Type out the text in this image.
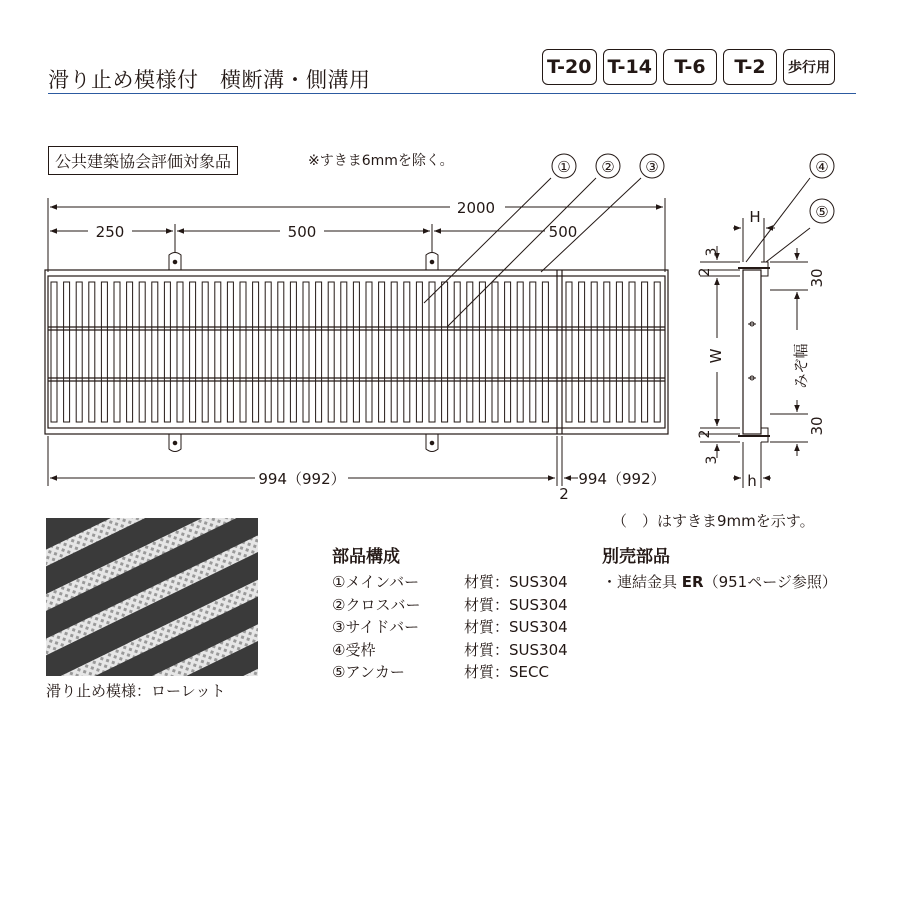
滑り止め模様付　横断溝・側溝用
T-20 T-14	T-6	T-2	歩行用
公共建築協会評価対象品	※すきま6mmを除く。
2000
250	500	500
① ② ③	④
⑤
994（992）	994（992）
2
H
h
W
3
2
2
3
30
30
みぞ幅
（　）はすきま9mmを示す。
滑り止め模様：ローレット
部品構成
①メインバー	材質：SUS304
②クロスバー	材質：SUS304
③サイドバー	材質：SUS304
④受枠	材質：SUS304
⑤アンカー	材質：SECC
別売部品
・連結金具 ER（951ページ参照）
